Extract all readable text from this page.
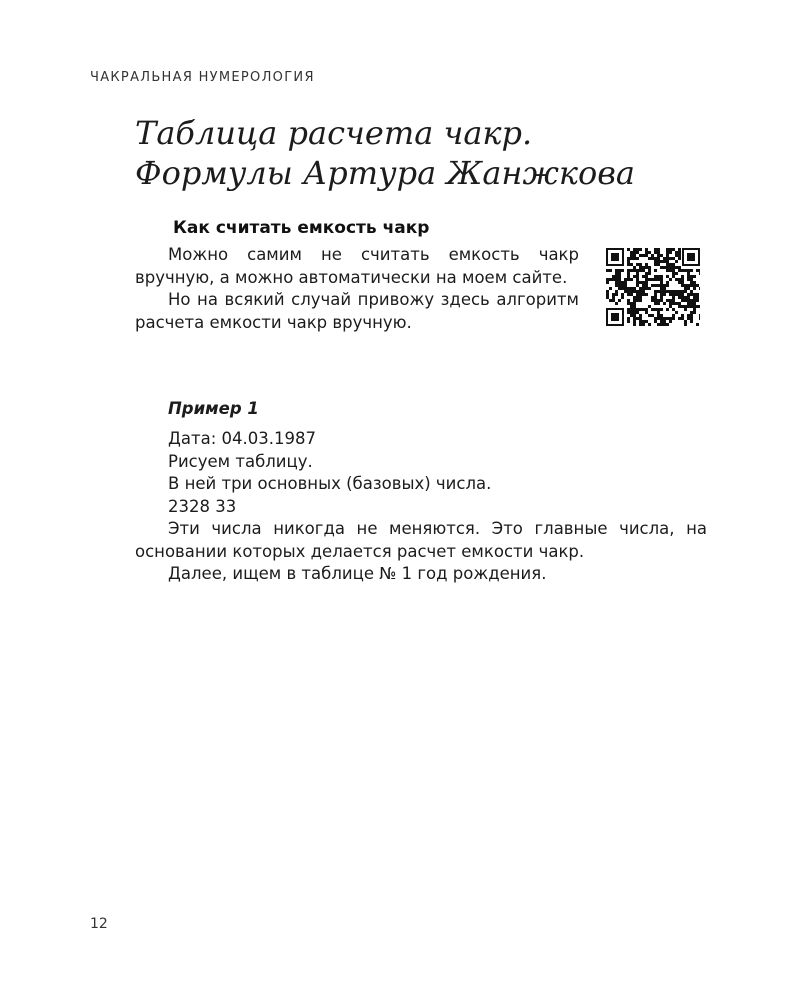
ЧАКРАЛЬНАЯ НУМЕРОЛОГИЯ
Таблица расчета чакр.
Формулы Артура Жанжкова
Как считать емкость чакр

Можно самим не считать емкость чакр вручную, а можно автоматически на моем сайте.

Но на всякий случай привожу здесь алгоритм расчета емкости чакр вручную.

Пример 1

Дата: 04.03.1987

Рисуем таблицу.

В ней три основных (базовых) числа.

2328 33

Эти числа никогда не меняются. Это главные числа, на основании которых делается расчет емкости чакр.

Далее, ищем в таблице № 1 год рождения.

12
